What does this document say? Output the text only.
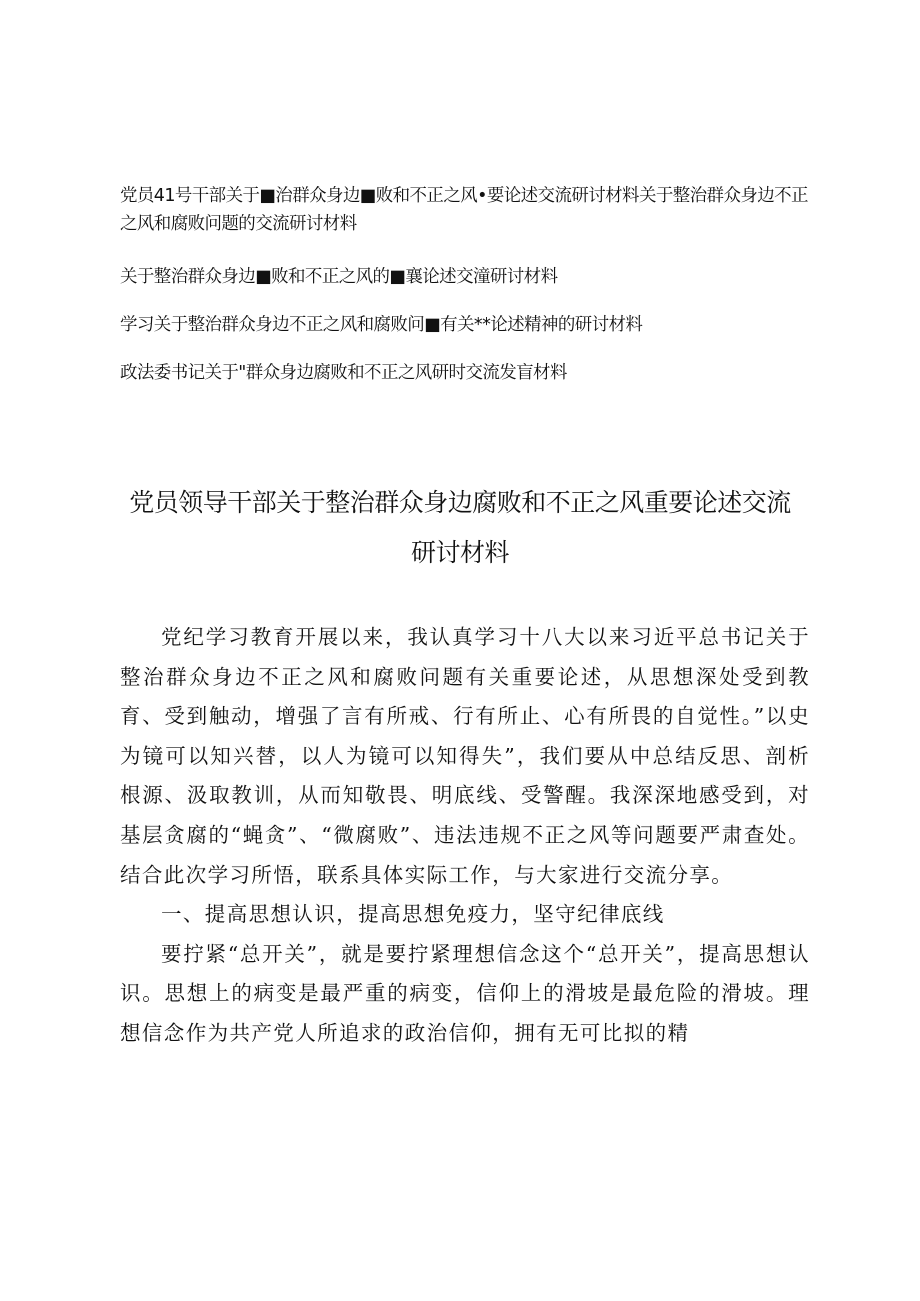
党员41号干部关于■治群众身边■败和不正之风•要论述交流研讨材料关于整治群众身边不正之风和腐败问题的交流研讨材料
关于整治群众身边■败和不正之风的■襄论述交潼研讨材料
学习关于整治群众身边不正之风和腐败问■有关**论述精神的研讨材料
政法委书记关于"群众身边腐败和不正之风研时交流发盲材料
党员领导干部关于整治群众身边腐败和不正之风重要论述交流研讨材料

党纪学习教育开展以来，我认真学习十八大以来习近平总书记关于整治群众身边不正之风和腐败问题有关重要论述，从思想深处受到教育、受到触动，增强了言有所戒、行有所止、心有所畏的自觉性。”以史为镜可以知兴替，以人为镜可以知得失”，我们要从中总结反思、剖析根源、汲取教训，从而知敬畏、明底线、受警醒。我深深地感受到，对基层贪腐的“蝇贪”、“微腐败”、违法违规不正之风等问题要严肃查处。结合此次学习所悟，联系具体实际工作，与大家进行交流分享。

一、提高思想认识，提高思想免疫力，坚守纪律底线

要拧紧“总开关”，就是要拧紧理想信念这个“总开关”，提高思想认识。思想上的病变是最严重的病变，信仰上的滑坡是最危险的滑坡。理想信念作为共产党人所追求的政治信仰，拥有无可比拟的精
